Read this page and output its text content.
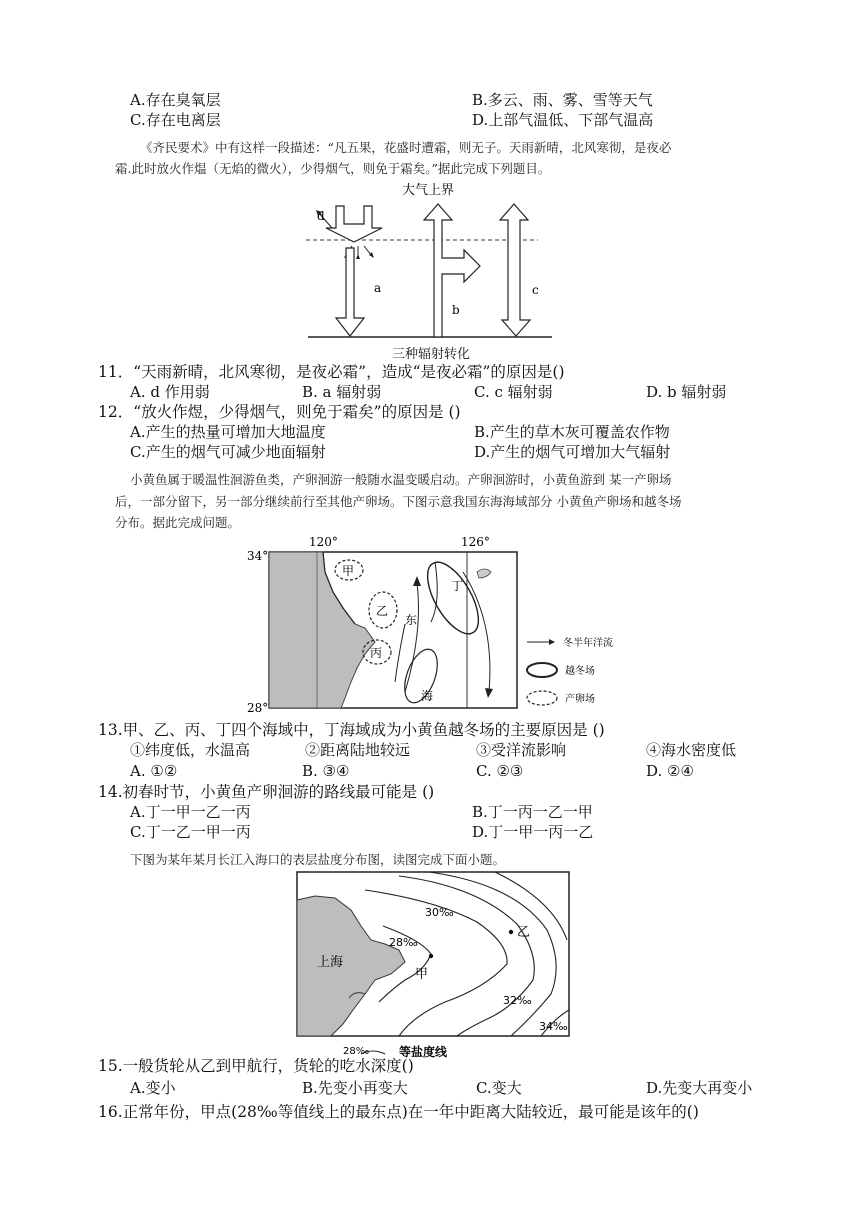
A.存在臭氧层	B.多云、雨、雾、雪等天气
C.存在电离层	D.上部气温低、下部气温高
《齐民要术》中有这样一段描述：“凡五果，花盛时遭霜，则无子。天雨新晴，北风寒彻，是夜必
霜.此时放火作煴（无焰的微火），少得烟气，则免于霜矣。”据此完成下列题目。
大气上界
d
a
b
c
三种辐射转化
11．“天雨新晴，北风寒彻，是夜必霜”，造成“是夜必霜”的原因是()
A. d 作用弱	B. a 辐射弱	C. c 辐射弱	D. b 辐射弱
12．“放火作煜，少得烟气，则免于霜矣”的原因是 ()
A.产生的热量可增加大地温度	B.产生的草木灰可覆盖农作物
C.产生的烟气可减少地面辐射	D.产生的烟气可增加大气辐射
小黄鱼属于暖温性洄游鱼类，产卵洄游一般随水温变暖启动。产卵洄游时，小黄鱼游到 某一产卵场
后，一部分留下，另一部分继续前行至其他产卵场。下图示意我国东海海域部分 小黄鱼产卵场和越冬场
分布。据此完成问题。
120°	126°
34°
28°
甲
乙
丙
丁
东
海
冬半年洋流
越冬场
产卵场
13.甲、乙、丙、丁四个海域中，丁海域成为小黄鱼越冬场的主要原因是 ()
①纬度低，水温高	②距离陆地较远	③受洋流影响	④海水密度低
A. ①②	B. ③④	C. ②③	D. ②④
14.初春时节，小黄鱼产卵洄游的路线最可能是 ()
A.丁一甲一乙一丙	B.丁一丙一乙一甲
C.丁一乙一甲一丙	D.丁一甲一丙一乙
下图为某年某月长江入海口的表层盐度分布图，读图完成下面小题。
上海
28‰
30‰
32‰
34‰
甲
乙
28‰ 等盐度线
15.一般货轮从乙到甲航行，货轮的吃水深度()
A.变小	B.先变小再变大	C.变大	D.先变大再变小
16.正常年份，甲点(28‰等值线上的最东点)在一年中距离大陆较近，最可能是该年的()
